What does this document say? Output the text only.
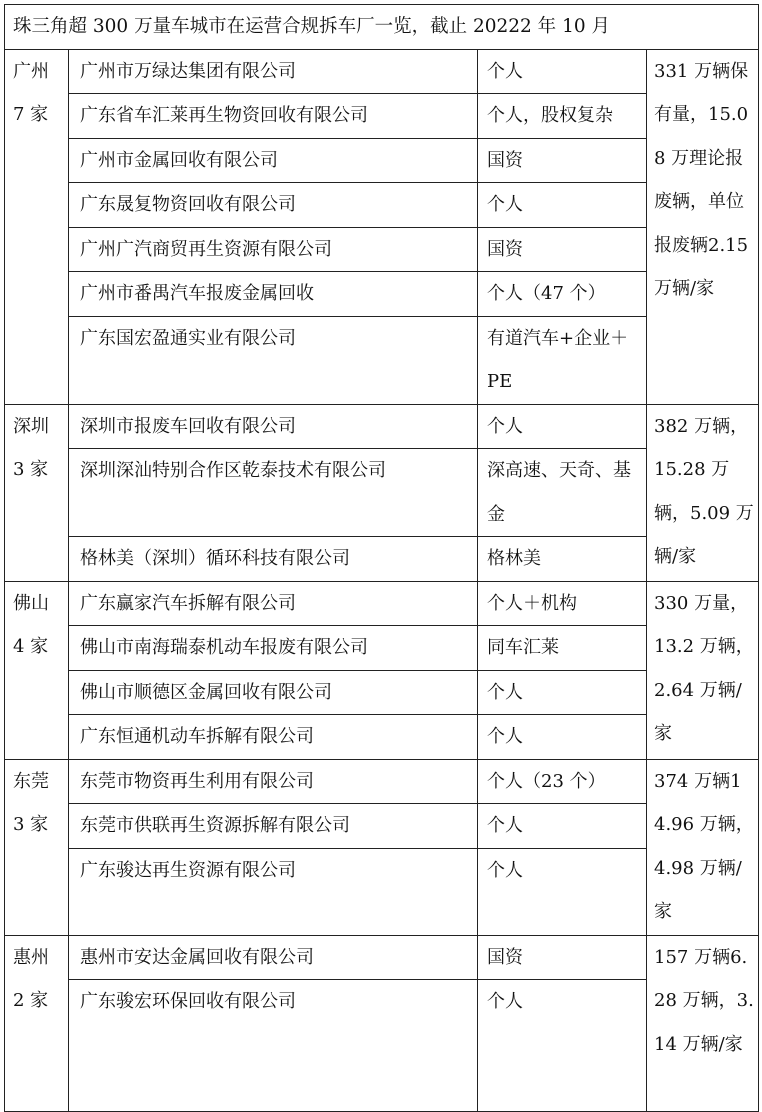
珠三角超 300 万量车城市在运营合规拆车厂一览，截止 20222 年 10 月			

广州
7 家	广州市万绿达集团有限公司	个人	331 万辆保有量，15.08 万理论报废辆，单位报废辆2.15 万辆/家
	广东省车汇莱再生物资回收有限公司	个人，股权复杂	
	广州市金属回收有限公司	国资	
	广东晟复物资回收有限公司	个人	
	广州广汽商贸再生资源有限公司	国资	
	广州市番禺汽车报废金属回收	个人（47 个）	
	广东国宏盈通实业有限公司	有道汽车+企业＋PE	

深圳
3 家	深圳市报废车回收有限公司	个人	382 万辆，15.28 万辆，5.09 万辆/家
	深圳深汕特别合作区乾泰技术有限公司	深高速、天奇、基金	
	格林美（深圳）循环科技有限公司	格林美	

佛山
4 家	广东赢家汽车拆解有限公司	个人＋机构	330 万量，13.2 万辆，2.64 万辆/家
	佛山市南海瑞泰机动车报废有限公司	同车汇莱	
	佛山市顺德区金属回收有限公司	个人	
	广东恒通机动车拆解有限公司	个人	

东莞
3 家	东莞市物资再生利用有限公司	个人（23 个）	374 万辆14.96 万辆，4.98 万辆/家
	东莞市供联再生资源拆解有限公司	个人	
	广东骏达再生资源有限公司	个人	

惠州
2 家	惠州市安达金属回收有限公司	国资	157 万辆6.28 万辆，3.14 万辆/家
	广东骏宏环保回收有限公司	个人	
